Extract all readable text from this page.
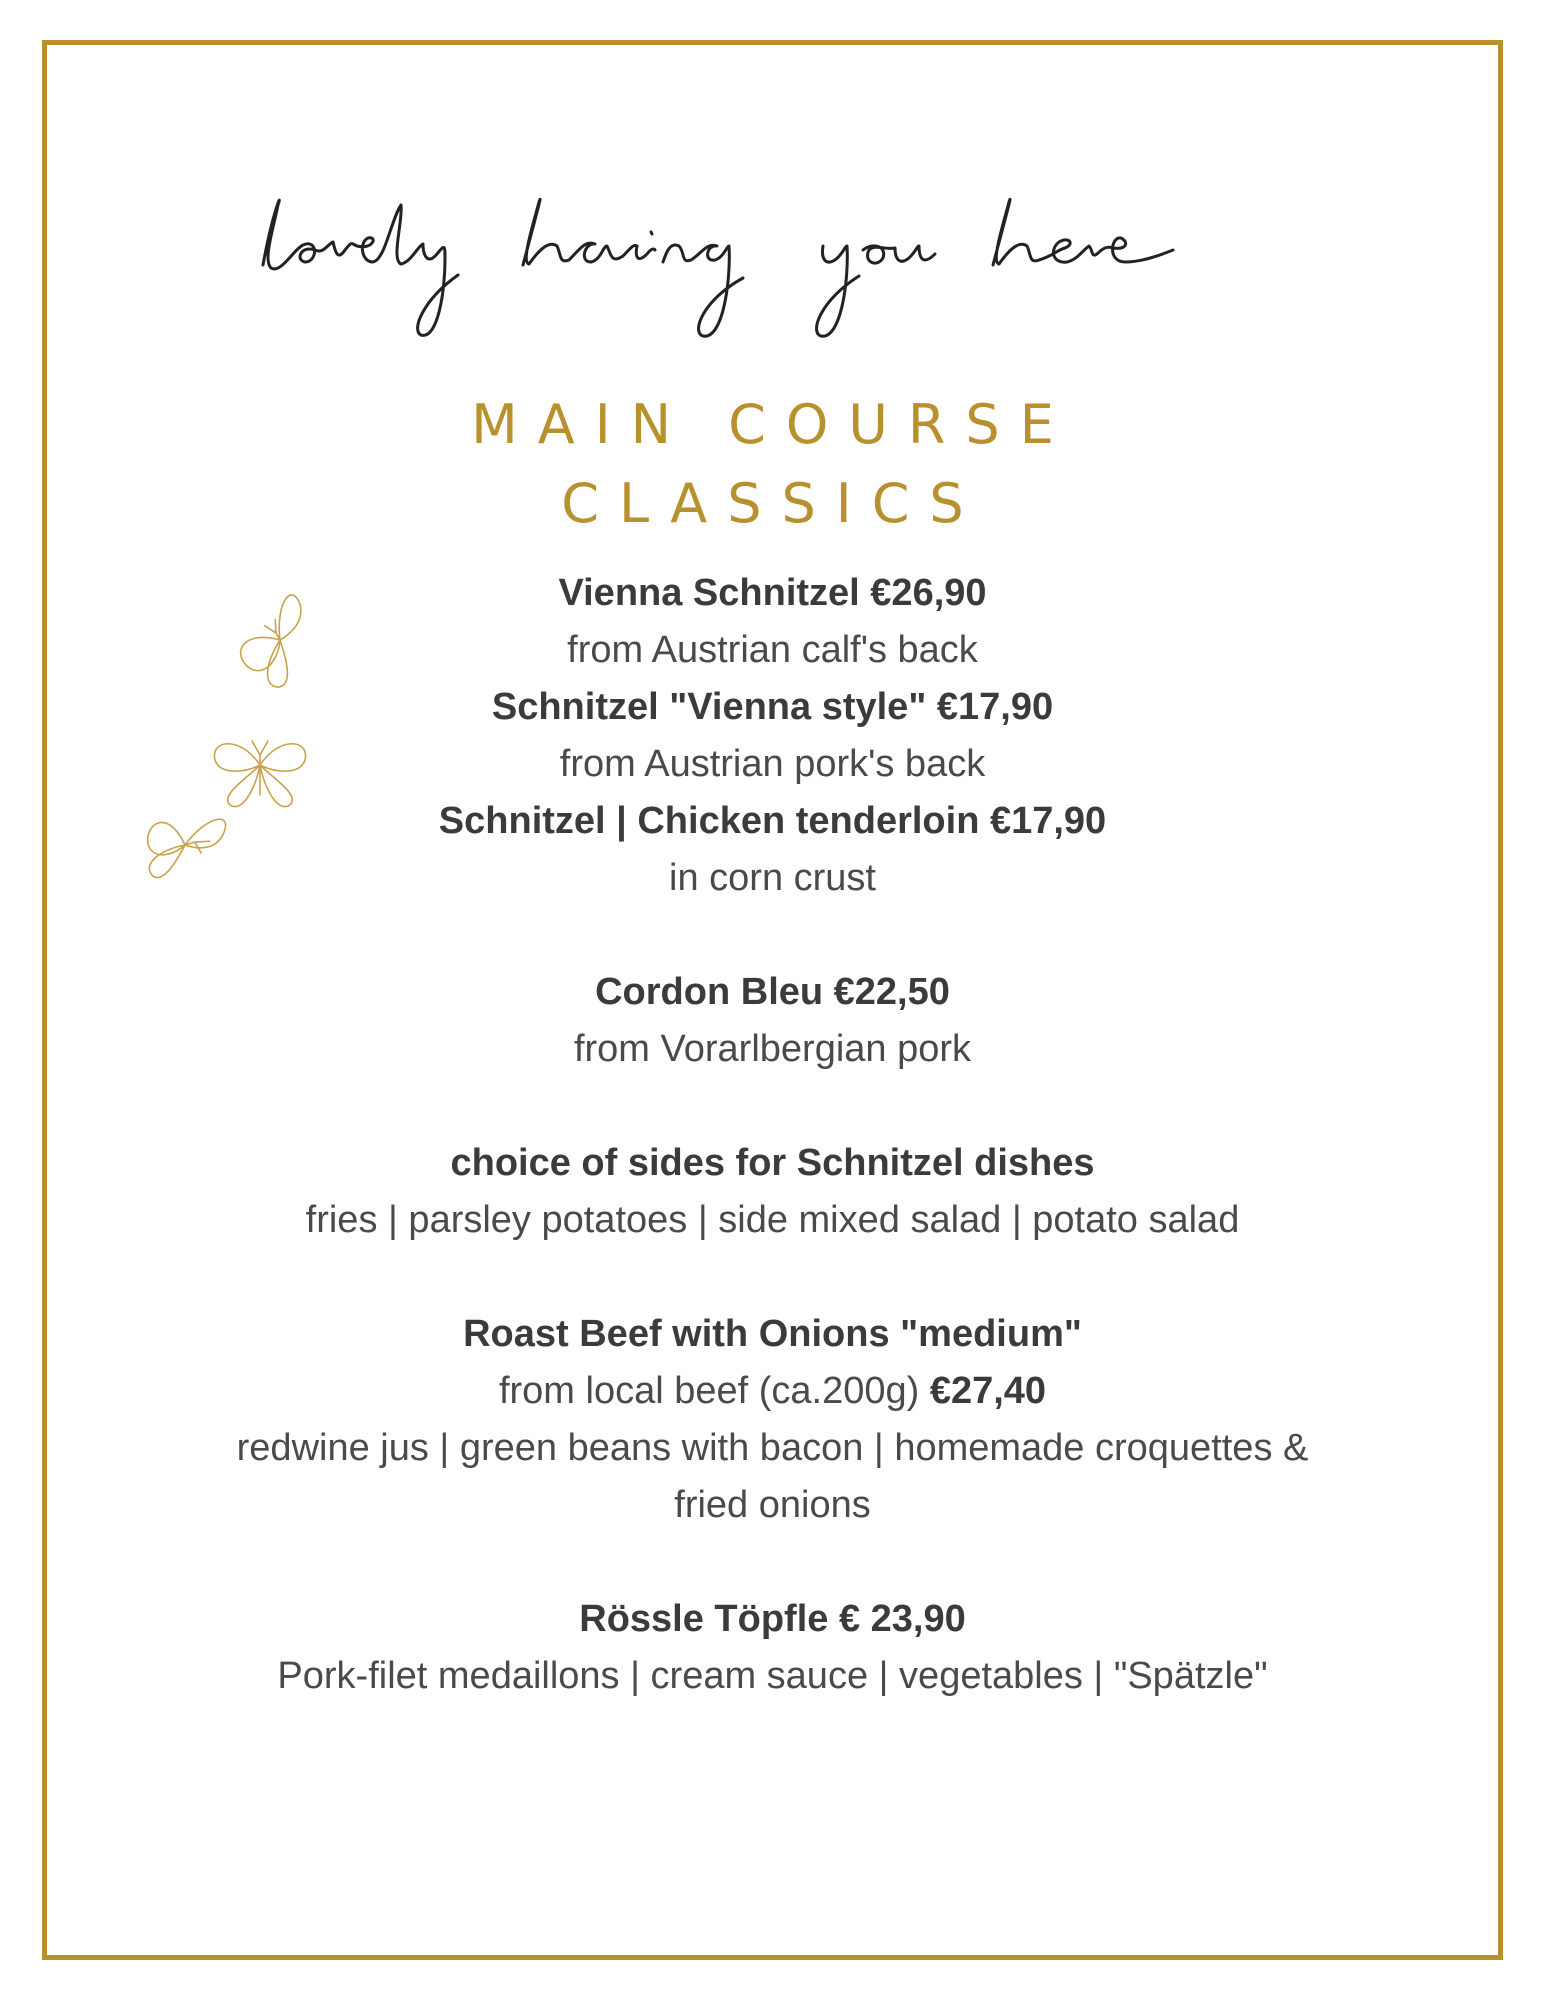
MAIN COURSE
CLASSICS
Vienna Schnitzel €26,90
from Austrian calf's back
Schnitzel "Vienna style" €17,90
from Austrian pork's back
Schnitzel | Chicken tenderloin €17,90
in corn crust
Cordon Bleu €22,50
from Vorarlbergian pork
choice of sides for Schnitzel dishes
fries | parsley potatoes | side mixed salad | potato salad
Roast Beef with Onions "medium"
from local beef (ca.200g) €27,40
redwine jus | green beans with bacon | homemade croquettes &
fried onions
Rössle Töpfle € 23,90
Pork-filet medaillons | cream sauce | vegetables | "Spätzle"
